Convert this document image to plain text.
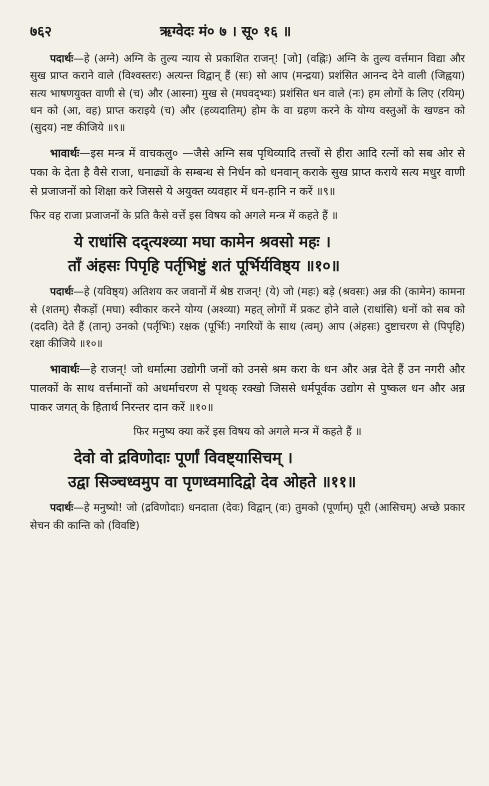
७६२	ऋग्वेदः मं० ७ । सू० १६ ॥

पदार्थः—हे (अग्ने) अग्नि के तुल्य न्याय से प्रकाशित राजन्! [जो] (वह्निः) अग्नि के तुल्य वर्त्तमान विद्या और सुख प्राप्त कराने वाले (विश्वस्तरः) अत्यन्त विद्वान् हैं (सः) सो आप (मन्द्रया) प्रशंसित आनन्द देने वाली (जिह्वया) सत्य भाषणयुक्त वाणी से (च) और (आस्ना) मुख से (मघवद्भ्यः) प्रशंसित धन वाले (नः) हम लोगों के लिए (रयिम्) धन को (आ, वह) प्राप्त कराइये (च) और (हव्यदातिम्) होम के वा ग्रहण करने के योग्य वस्तुओं के खण्डन को (सुदय) नष्ट कीजिये ॥९॥

भावार्थः—इस मन्त्र में वाचकलु० —जैसे अग्नि सब पृथिव्यादि तत्त्वों से हीरा आदि रत्नों को सब ओर से पका के देता है वैसे राजा, धनाढ्यों के सम्बन्ध से निर्धन को धनवान् कराके सुख प्राप्त कराये सत्य मधुर वाणी से प्रजाजनों को शिक्षा करे जिससे ये अयुक्त व्यवहार में धन-हानि न करें ॥९॥

फिर वह राजा प्रजाजनों के प्रति कैसे वर्त्ते इस विषय को अगले मन्त्र में कहते हैं ॥

ये राधांसि दद्त्यश्व्या मघा कामेन श्रवसो महः ।

ताँ अंहसः पिपृहि पर्तृभिष्टुं शतं पूर्भिर्यविष्ठ्य ॥१०॥

पदार्थः—हे (यविष्ठ्य) अतिशय कर जवानों में श्रेष्ठ राजन्! (ये) जो (महः) बड़े (श्रवसः) अन्न की (कामेन) कामना से (शतम्) सैकड़ों (मघा) स्वीकार करने योग्य (अश्व्या) महत् लोगों में प्रकट होने वाले (राधांसि) धनों को सब को (ददति) देते हैं (तान्) उनको (पर्तृभिः) रक्षक (पूर्भिः) नगरियों के साथ (त्वम्) आप (अंहसः) दुष्टाचरण से (पिपृहि) रक्षा कीजिये ॥१०॥

भावार्थः—हे राजन्! जो धर्मात्मा उद्योगी जनों को उनसे श्रम करा के धन और अन्न देते हैं उन नगरी और पालकों के साथ वर्त्तमानों को अधर्माचरण से पृथक् रक्खो जिससे धर्मपूर्वक उद्योग से पुष्कल धन और अन्न पाकर जगत् के हितार्थ निरन्तर दान करें ॥१०॥

फिर मनुष्य क्या करें इस विषय को अगले मन्त्र में कहते हैं ॥

देवो वो द्रविणोदाः पूर्णां विवष्ट्यासिचम् ।

उद्वा सिञ्चध्वमुप वा पृणध्वमादिद्वो देव ओहते ॥११॥

पदार्थः—हे मनुष्यो! जो (द्रविणोदाः) धनदाता (देवः) विद्वान् (वः) तुमको (पूर्णाम्) पूरी (आसिचम्) अच्छे प्रकार सेचन की कान्ति को (विवष्टि)
